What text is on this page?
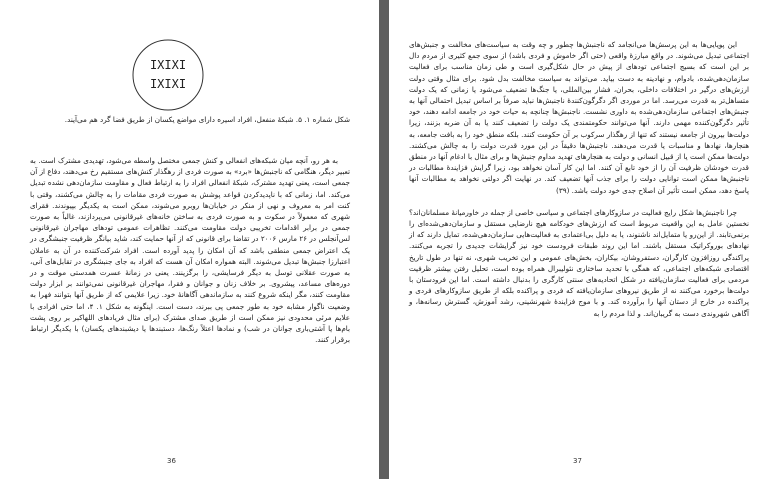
IXIXI
IXIXI
شکل شماره ۱. ۵. شبکهٔ منفعل، افراد اسیره دارای مواضع یکسان از طریق فضا گرد هم می‌آیند.

به هر رو، آنچه میان شبکه‌های انفعالی و کنش جمعی مختصل واسطه می‌شود، تهدیدی مشترک است. به تعبیر دیگر، هنگامی که ناجنبش‌ها «برد» به صورت فردی از رهگذار کنش‌های مستقیم رخ می‌دهند، دفاع از آن جمعی است، یعنی تهدید مشترک، شبکهٔ انفعالی افراد را به ارتباط فعال و مقاومت سازمان‌دهی نشده تبدیل می‌کند. اما، زمانی که با ناپدیدکردن قواعد پوشش به صورت فردی مقامات را به چالش می‌کشند، وقتی با کنت امر به معروف و نهی از منکر در خیابان‌ها روبرو می‌شوند، ممکن است به یکدیگر بپیوندند. فقرای شهری که معمولاً در سکوت و به صورت فردی به ساختن خانه‌های غیرقانونی می‌پردازند، غالباً به صورت جمعی در برابر اقدامات تخریبی دولت مقاومت می‌کنند. تظاهرات عمومی تودهای مهاجران غیرقانونی لس‌آنجلس در ۲۶ مارس ۲۰۰۶ در تقاضا برای قانونی که از آنها حمایت کند، شاید بیانگر ظرفیت جنبشگری در یک اعتراض جمعی منطقی باشد که آن امکان را پدید آورده است. افراد شرکت‌کننده در آن به عاملان اعتبارزا جنبش‌ها تبدیل می‌شوند. البته همواره امکان آن هست که افراد به جای جنبشگری در تقابل‌های آنی، به صورت عقلانی توسل به دیگر فرسایشی، را برگزینند. یعنی در زمانهٔ عسرت همدستی موقت و در دوره‌های مساعد، پیشروی. بر خلاف زنان و جوانان و فقرا، مهاجران غیرقانونی نمی‌توانند بر ابزار دولت مقاومت کنند، مگر اینکه شروع کنند به سازماندهی آگاهانهٔ خود. زیرا علایمی که از طریق آنها بتوانند فهرا به وضعیت ناگوار مشابه خود به طور جمعی پی ببرند، دست است. اینگونه به شکل ۱. ۴، اما حتی افرادی با علایم مرئی محدودی نیز ممکن است از طریق صدای مشترک (برای مثال فریادهای اللهاکبر بر روی پشت بام‌ها یا آشتی‌باری جوانان در شب) و نمادها اعتلاً رنگ‌ها، دستبندها یا دیشبندهای یکسان) با یکدیگر ارتباط برقرار کنند.

36

این پویایی‌ها به این پرسش‌ها می‌انجامد که ناجنبش‌ها چطور و چه وقت به سیاست‌های مخالفت و جنبش‌های اجتماعی تبدیل می‌شوند. در واقع مبارزهٔ واقعی (حتی اگر خاموش و فردی باشد) از سوی جمع کثیری از مردم دال بر این است که بسیج اجتماعی تودهای از پیش در حال شکل‌گیری است و طی زمان مناسب برای فعالیت سازمان‌دهی‌شده، بادوام، و نهادینه به دست بیاید. می‌تواند به سیاست مخالفت بدل شود. برای مثال وقتی دولت ارزش‌های درگیر در اختلافات داخلی، بحران، فشار بین‌المللی، یا جنگ‌ها تضعیف می‌شود یا زمانی که یک دولت متساهل‌تر به قدرت می‌رسد. اما در موردی اگر دگرگون‌کنندهٔ ناجنبش‌ها نباید صرفاً بر اساس تبدیل احتمالی آنها به جنبش‌های اجتماعی سازمان‌دهی‌شده به داوری نشست. ناجنبش‌ها چنانچه به حیات خود در جامعه ادامه دهند، خود تأثیر دگرگون‌کننده مهمی دارند. آنها می‌توانند حکومتمندی یک دولت را تضعیف کنند یا به آن ضربه بزنند، زیرا دولت‌ها بیرون از جامعه نیستند که تنها از رهگذار سرکوب بر آن حکومت کنند. بلکه منطق خود را به بافت جامعه، به هنجارها، نهادها و مناسبات یا قدرت می‌دهند. ناجنبش‌ها دقیقاً در این مورد قدرت دولت را به چالش می‌کشند. دولت‌ها ممکن است یا از قبیل انسانی و دولت به هنجارهای تهدید مداوم جنبش‌ها و برای مثال با ادغام آنها در منطق قدرت خودشان ظرفیت آن را از خود تابع آن کنند. اما این کار آسان نخواهد بود، زیرا گرایش فزایندهٔ مطالبات در ناجنبش‌ها ممکن است توانایی دولت را برای جذب آنها تضعیف کند. در نهایت اگر دولتی نخواهد به مطالبات آنها پاسخ دهد، ممکن است تأثیر آن اصلاح جدی خود دولت باشد. (۳۹)

چرا ناجنبش‌ها شکل رایج فعالیت در سازوکارهای اجتماعی و سیاسی خاصی از جمله در خاورمیانهٔ مسلمانان‌اند؟ نخستین عامل به این واقعیت مربوط است که ارزش‌های خودکامه هیچ نارضایی مستقل و سازمان‌دهی‌شده‌ای را برنمی‌تابند. از این‌رو یا متمایل‌اند ناشنوند، یا به دلیل بی‌اعتمادی به فعالیت‌هایی سازمان‌دهی‌شده، تمایل دارند که از نهادهای بوروکراتیک مستقل باشند. اما این روند طبقات فرودست خود نیز گرایشات جدیدی را تجربه می‌کنند. پراکندگی روزافزون کارگران، دستفروشان، بیکاران، بخش‌های عمومی و این تخریب شهری، نه تنها در طول تاریخ اقتصادی شبکه‌های اجتماعی، که همگی با تحدید ساختاری نئولیبرال همراه بوده است، تحلیل رفتن بیشتر ظرفیت مردمی برای فعالیت سازمان‌یافته در شکل اتحادیه‌های سنتی کارگری را بدنبال داشته است. اما این فرودستان با دولت‌ها برخورد می‌کنند نه از طریق نیروهای سازمان‌یافته که فردی و پراکنده بلکه از طریق سازوکارهای فردی و پراکنده در خارج از دستان آنها را برآورده کند. و با موج فزایندهٔ شهرنشینی، رشد آموزش، گسترش رسانه‌ها، و آگاهی شهروندی دست به گریبان‌اند. و لذا مردم را به

37
